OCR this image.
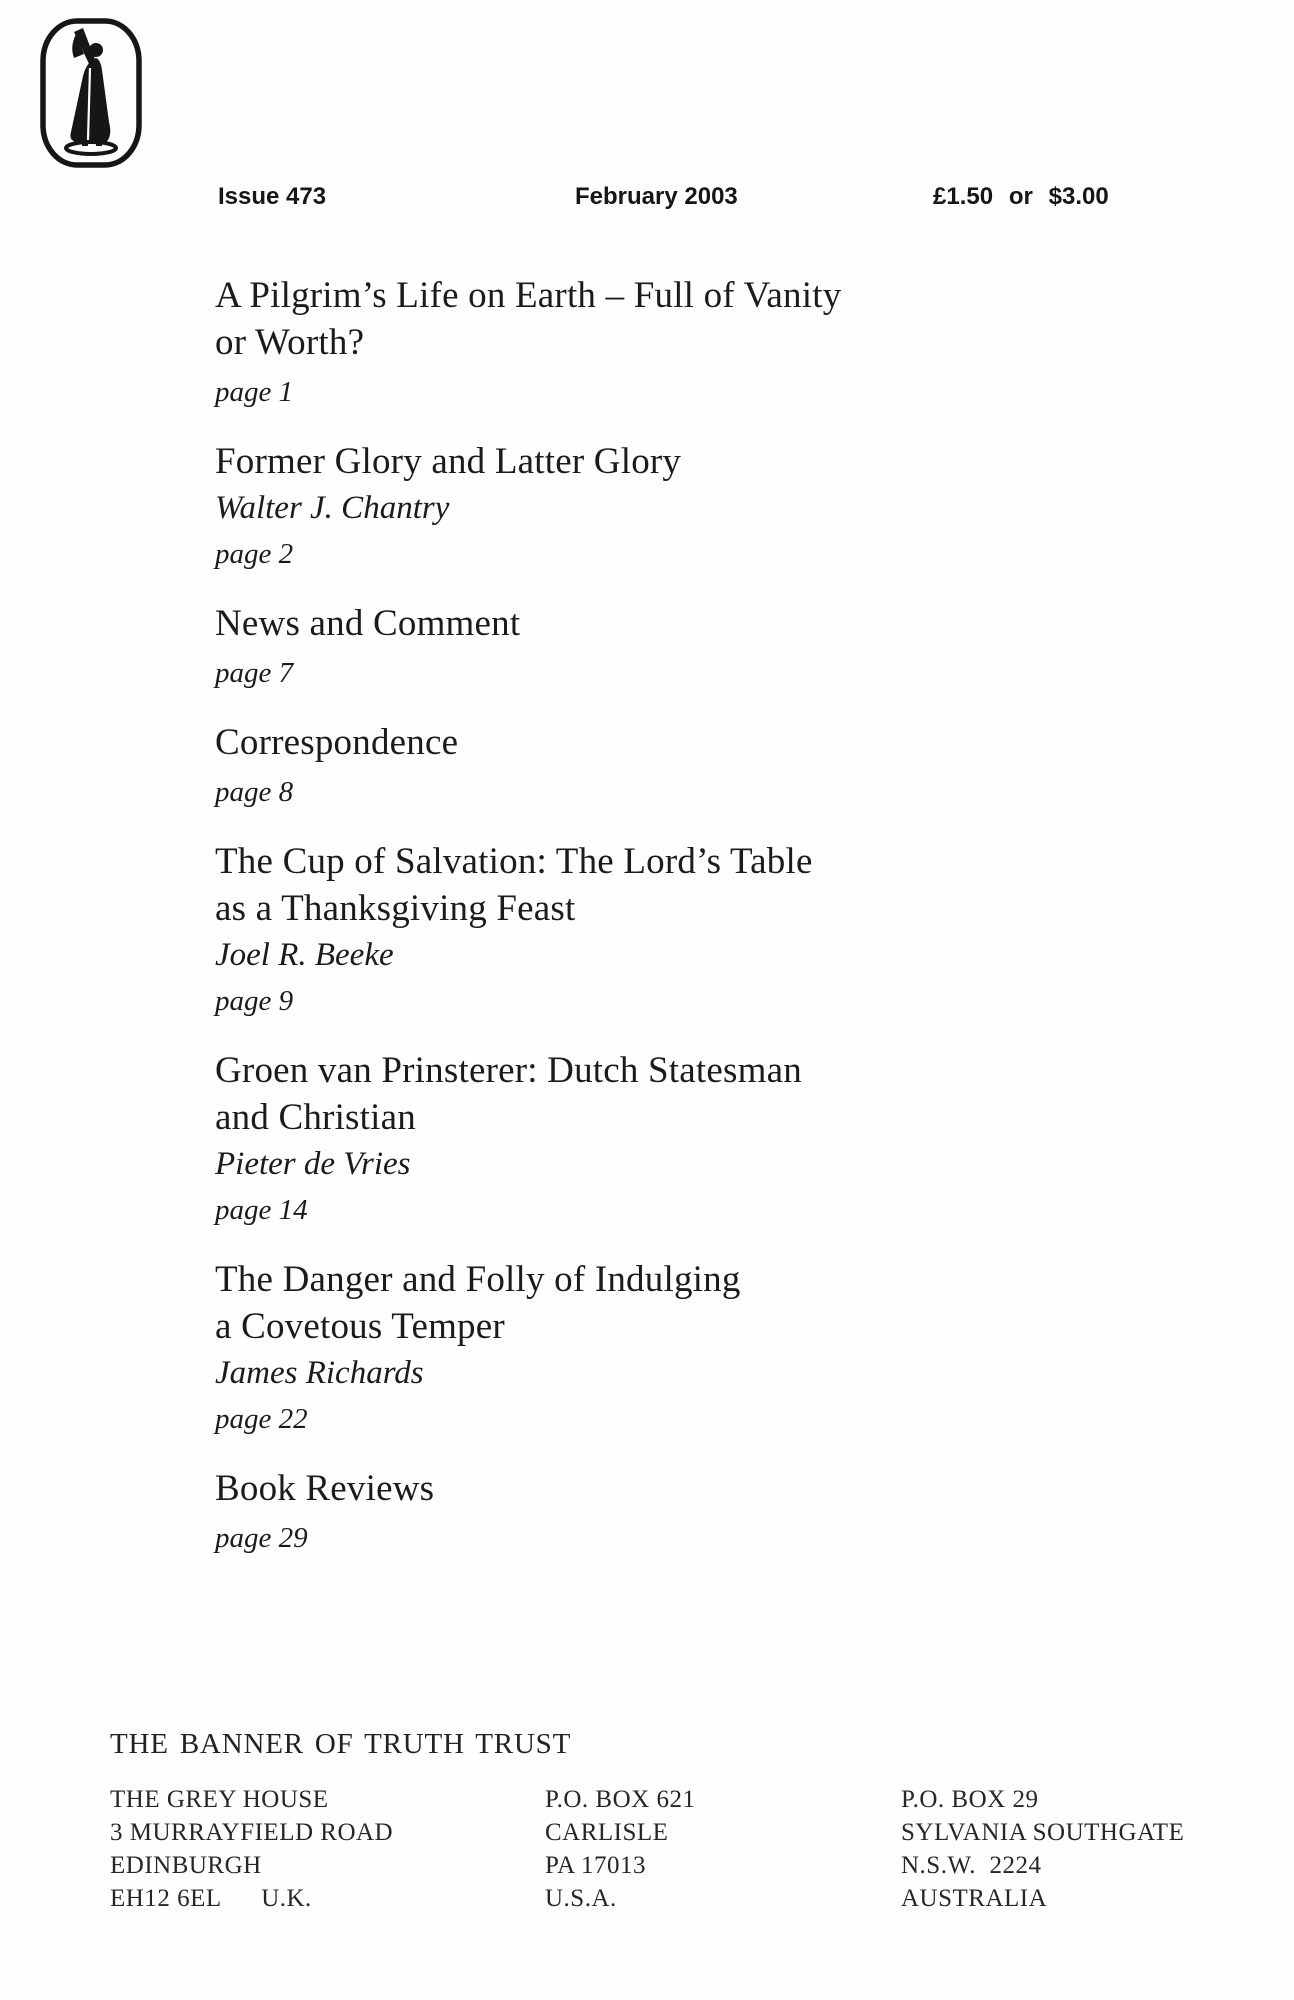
Issue 473	February 2003	£1.50 or $3.00
A Pilgrim’s Life on Earth – Full of Vanity
or Worth?
page 1
Former Glory and Latter Glory
Walter J. Chantry
page 2
News and Comment
page 7
Correspondence
page 8
The Cup of Salvation: The Lord’s Table
as a Thanksgiving Feast
Joel R. Beeke
page 9
Groen van Prinsterer: Dutch Statesman
and Christian
Pieter de Vries
page 14
The Danger and Folly of Indulging
a Covetous Temper
James Richards
page 22
Book Reviews
page 29
THE BANNER OF TRUTH TRUST
THE GREY HOUSE
3 MURRAYFIELD ROAD
EDINBURGH
EH12 6EL      U.K.
P.O. BOX 621
CARLISLE
PA 17013
U.S.A.
P.O. BOX 29
SYLVANIA SOUTHGATE
N.S.W.  2224
AUSTRALIA
